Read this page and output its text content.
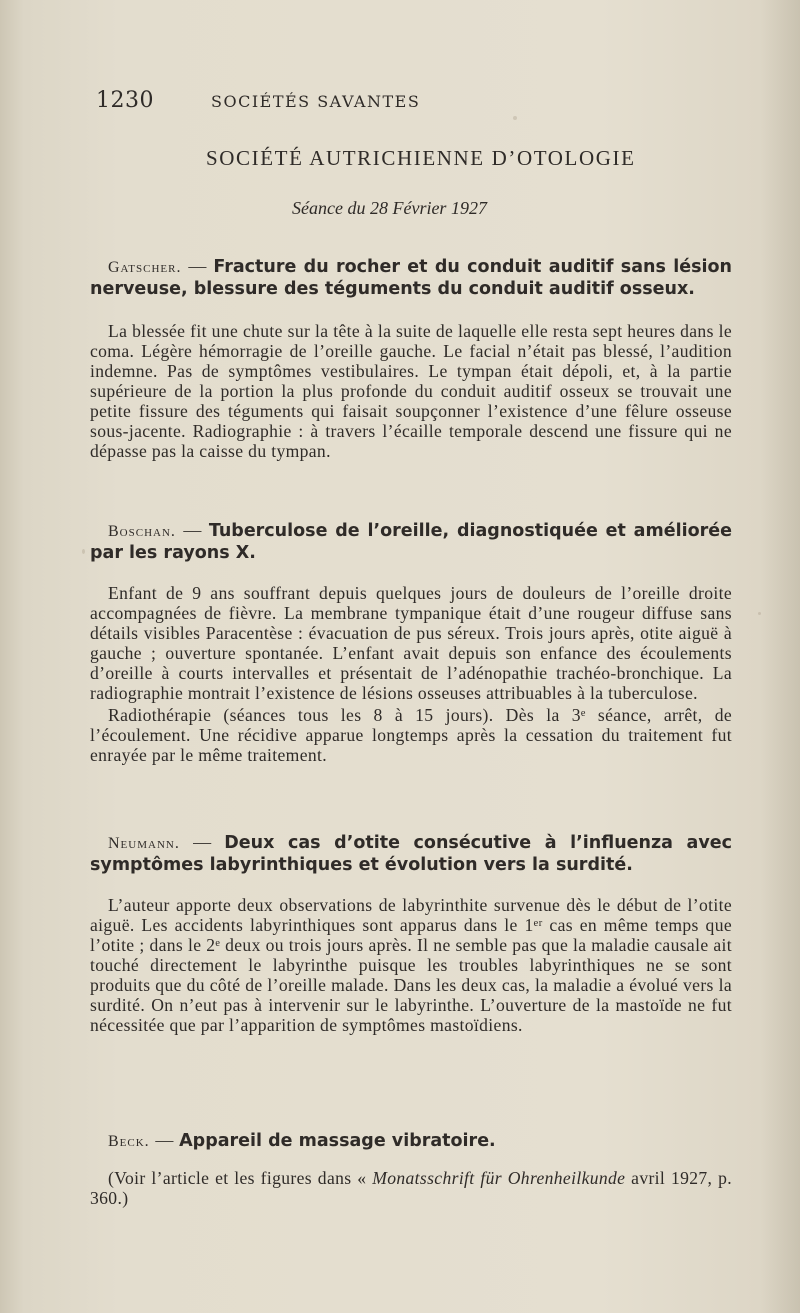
1230	SOCIÉTÉS SAVANTES
SOCIÉTÉ AUTRICHIENNE D’OTOLOGIE
Séance du 28 Février 1927

Gatscher. — Fracture du rocher et du conduit auditif sans lésion nerveuse, blessure des téguments du conduit auditif osseux.

La blessée fit une chute sur la tête à la suite de laquelle elle resta sept heures dans le coma. Légère hémorragie de l’oreille gauche. Le facial n’était pas blessé, l’audition indemne. Pas de symptômes vestibulaires. Le tympan était dépoli, et, à la partie supérieure de la portion la plus profonde du conduit auditif osseux se trouvait une petite fissure des téguments qui faisait soupçonner l’existence d’une fêlure osseuse sous-jacente. Radiographie : à travers l’écaille temporale descend une fissure qui ne dépasse pas la caisse du tympan.

Boschan. — Tuberculose de l’oreille, diagnostiquée et améliorée par les rayons X.

Enfant de 9 ans souffrant depuis quelques jours de douleurs de l’oreille droite accompagnées de fièvre. La membrane tympanique était d’une rougeur diffuse sans détails visibles Paracentèse : évacuation de pus séreux. Trois jours après, otite aiguë à gauche ; ouverture spontanée. L’enfant avait depuis son enfance des écoulements d’oreille à courts intervalles et présentait de l’adénopathie trachéo-bronchique. La radiographie montrait l’existence de lésions osseuses attribuables à la tuberculose.

Radiothérapie (séances tous les 8 à 15 jours). Dès la 3ᵉ séance, arrêt, de l’écoulement. Une récidive apparue longtemps après la cessation du traitement fut enrayée par le même traitement.

Neumann. — Deux cas d’otite consécutive à l’influenza avec symptômes labyrinthiques et évolution vers la surdité.

L’auteur apporte deux observations de labyrinthite survenue dès le début de l’otite aiguë. Les accidents labyrinthiques sont apparus dans le 1ᵉʳ cas en même temps que l’otite ; dans le 2ᵉ deux ou trois jours après. Il ne semble pas que la maladie causale ait touché directement le labyrinthe puisque les troubles labyrinthiques ne se sont produits que du côté de l’oreille malade. Dans les deux cas, la maladie a évolué vers la surdité. On n’eut pas à intervenir sur le labyrinthe. L’ouverture de la mastoïde ne fut nécessitée que par l’apparition de symptômes mastoïdiens.

Beck. — Appareil de massage vibratoire.

(Voir l’article et les figures dans « Monatsschrift für Ohrenheilkunde avril 1927, p. 360.)
